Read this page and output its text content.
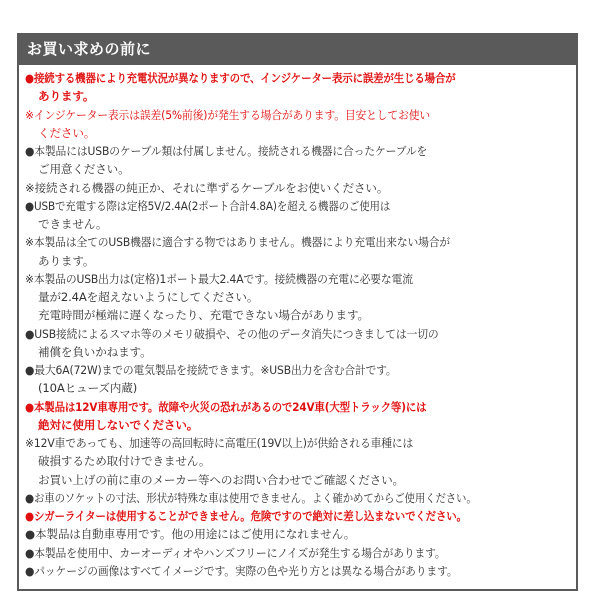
お買い求めの前に
●接続する機器により充電状況が異なりますので、インジケーター表示に誤差が生じる場合が
あります。
※インジケーター表示は誤差(5%前後)が発生する場合があります。目安としてお使い
ください。
●本製品にはUSBのケーブル類は付属しません。接続される機器に合ったケーブルを
ご用意ください。
※接続される機器の純正か、それに準ずるケーブルをお使いください。
●USBで充電する際は定格5V/2.4A(2ポート合計4.8A)を超える機器のご使用は
できません。
※本製品は全てのUSB機器に適合する物ではありません。機器により充電出来ない場合が
あります。
※本製品のUSB出力は(定格)1ポート最大2.4Aです。接続機器の充電に必要な電流
量が2.4Aを超えないようにしてください。
充電時間が極端に遅くなったり、充電できない場合があります。
●USB接続によるスマホ等のメモリ破損や、その他のデータ消失につきましては一切の
補償を負いかねます。
●最大6A(72W)までの電気製品を接続できます。※USB出力を含む合計です。
(10Aヒューズ内蔵)
●本製品は12V車専用です。故障や火災の恐れがあるので24V車(大型トラック等)には
絶対に使用しないでください。
※12V車であっても、加速等の高回転時に高電圧(19V以上)が供給される車種には
破損するため取付けできません。
お買い上げの前に車のメーカー等へのお問い合わせでご確認ください。
●お車のソケットの寸法、形状が特殊な車は使用できません。よく確かめてからご使用ください。
●シガーライターは使用することができません。危険ですので絶対に差し込まないでください。
●本製品は自動車専用です。他の用途にはご使用になれません。
●本製品を使用中、カーオーディオやハンズフリーにノイズが発生する場合があります。
●パッケージの画像はすべてイメージです。実際の色や光り方とは異なる場合があります。
